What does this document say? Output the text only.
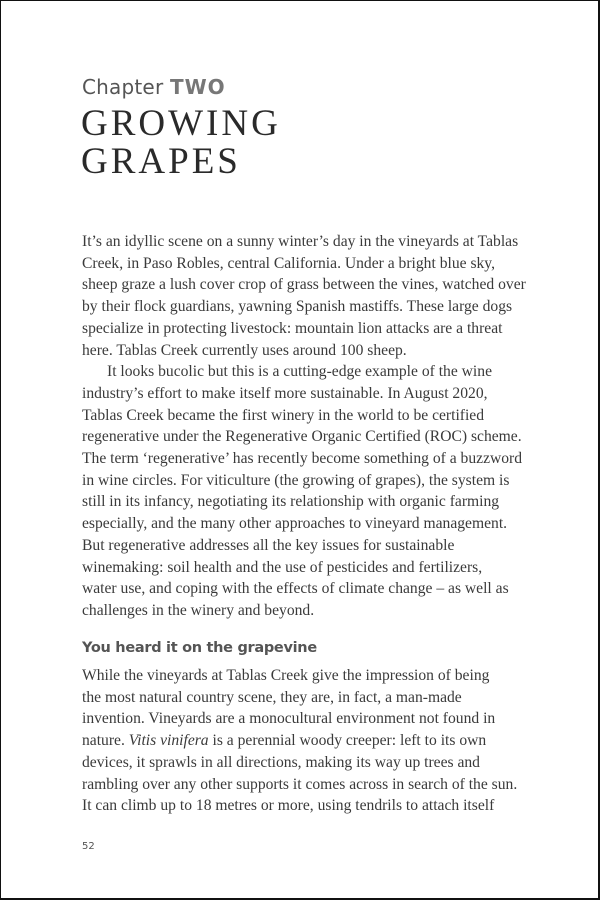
Chapter TWO
GROWING
GRAPES

It’s an idyllic scene on a sunny winter’s day in the vineyards at Tablas
Creek, in Paso Robles, central California. Under a bright blue sky,
sheep graze a lush cover crop of grass between the vines, watched over
by their flock guardians, yawning Spanish mastiffs. These large dogs
specialize in protecting livestock: mountain lion attacks are a threat
here. Tablas Creek currently uses around 100 sheep.

It looks bucolic but this is a cutting-edge example of the wine
industry’s effort to make itself more sustainable. In August 2020,
Tablas Creek became the first winery in the world to be certified
regenerative under the Regenerative Organic Certified (ROC) scheme.
The term ‘regenerative’ has recently become something of a buzzword
in wine circles. For viticulture (the growing of grapes), the system is
still in its infancy, negotiating its relationship with organic farming
especially, and the many other approaches to vineyard management.
But regenerative addresses all the key issues for sustainable
winemaking: soil health and the use of pesticides and fertilizers,
water use, and coping with the effects of climate change – as well as
challenges in the winery and beyond.

You heard it on the grapevine

While the vineyards at Tablas Creek give the impression of being
the most natural country scene, they are, in fact, a man-made
invention. Vineyards are a monocultural environment not found in
nature. Vitis vinifera is a perennial woody creeper: left to its own
devices, it sprawls in all directions, making its way up trees and
rambling over any other supports it comes across in search of the sun.
It can climb up to 18 metres or more, using tendrils to attach itself

52
